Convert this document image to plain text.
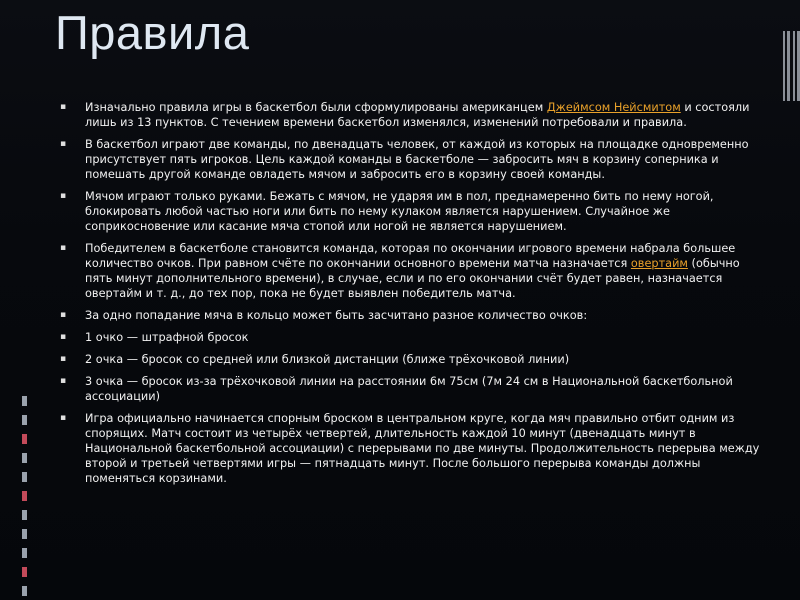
Правила
▪ Изначально правила игры в баскетбол были сформулированы американцем Джеймсом Нейсмитом и состояли лишь из 13 пунктов. С течением времени баскетбол изменялся, изменений потребовали и правила.
▪ В баскетбол играют две команды, по двенадцать человек, от каждой из которых на площадке одновременно присутствует пять игроков. Цель каждой команды в баскетболе — забросить мяч в корзину соперника и помешать другой команде овладеть мячом и забросить его в корзину своей команды.
▪ Мячом играют только руками. Бежать с мячом, не ударяя им в пол, преднамеренно бить по нему ногой, блокировать любой частью ноги или бить по нему кулаком является нарушением. Случайное же соприкосновение или касание мяча стопой или ногой не является нарушением.
▪ Победителем в баскетболе становится команда, которая по окончании игрового времени набрала большее количество очков. При равном счёте по окончании основного времени матча назначается овертайм (обычно пять минут дополнительного времени), в случае, если и по его окончании счёт будет равен, назначается овертайм и т. д., до тех пор, пока не будет выявлен победитель матча.
▪ За одно попадание мяча в кольцо может быть засчитано разное количество очков:
▪ 1 очко — штрафной бросок
▪ 2 очка — бросок со средней или близкой дистанции (ближе трёхочковой линии)
▪ 3 очка — бросок из-за трёхочковой линии на расстоянии 6м 75см (7м 24 см в Национальной баскетбольной ассоциации)
▪ Игра официально начинается спорным броском в центральном круге, когда мяч правильно отбит одним из спорящих. Матч состоит из четырёх четвертей, длительность каждой 10 минут (двенадцать минут в Национальной баскетбольной ассоциации) с перерывами по две минуты. Продолжительность перерыва между второй и третьей четвертями игры — пятнадцать минут. После большого перерыва команды должны поменяться корзинами.
